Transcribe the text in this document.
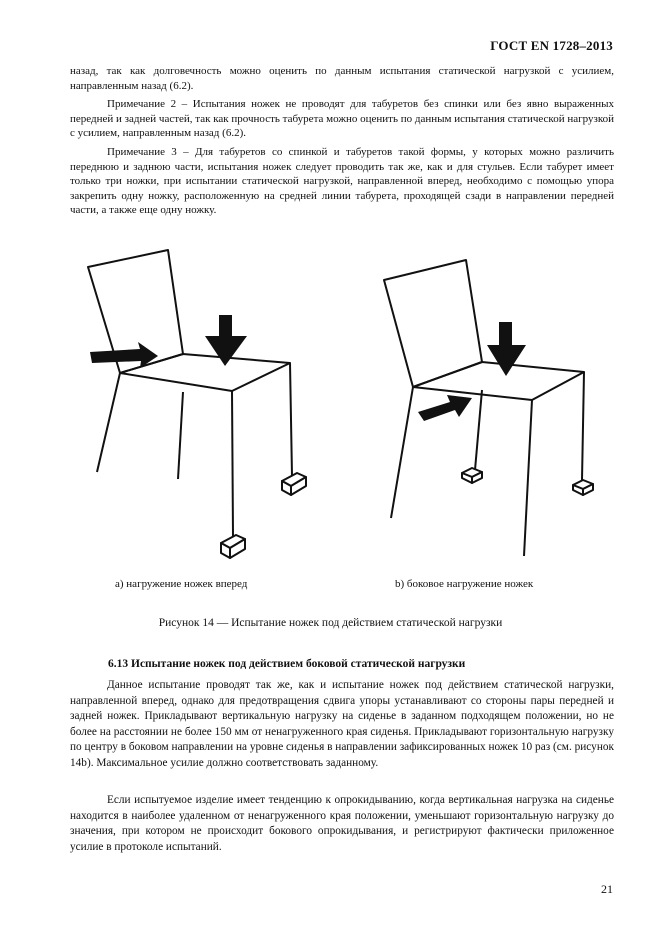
ГОСТ EN 1728–2013

назад, так как долговечность можно оценить по данным испытания статической нагрузкой с усилием, направленным назад (6.2).

Примечание 2 – Испытания ножек не проводят для табуретов без спинки или без явно выраженных передней и задней частей, так как прочность табурета можно оценить по данным испытания статической нагрузкой с усилием, направленным назад (6.2).

Примечание 3 – Для табуретов со спинкой и табуретов такой формы, у которых можно различить переднюю и заднюю части, испытания ножек следует проводить так же, как и для стульев. Если табурет имеет только три ножки, при испытании статической нагрузкой, направленной вперед, необходимо с помощью упора закрепить одну ножку, расположенную на средней линии табурета, проходящей сзади в направлении передней части, а также еще одну ножку.

а) нагружение ножек вперед	b) боковое нагружение ножек
Рисунок 14 — Испытание ножек под действием статической нагрузки
6.13 Испытание ножек под действием боковой статической нагрузки

Данное испытание проводят так же, как и испытание ножек под действием статической нагрузки, направленной вперед, однако для предотвращения сдвига упоры устанавливают со стороны пары передней и задней ножек. Прикладывают вертикальную нагрузку на сиденье в заданном подходящем положении, но не более на расстоянии не более 150 мм от ненагруженного края сиденья. Прикладывают горизонтальную нагрузку по центру в боковом направлении на уровне сиденья в направлении зафиксированных ножек 10 раз (см. рисунок 14b). Максимальное усилие должно соответствовать заданному.

Если испытуемое изделие имеет тенденцию к опрокидыванию, когда вертикальная нагрузка на сиденье находится в наиболее удаленном от ненагруженного края положении, уменьшают горизонтальную нагрузку до значения, при котором не происходит бокового опрокидывания, и регистрируют фактически приложенное усилие в протоколе испытаний.

21
